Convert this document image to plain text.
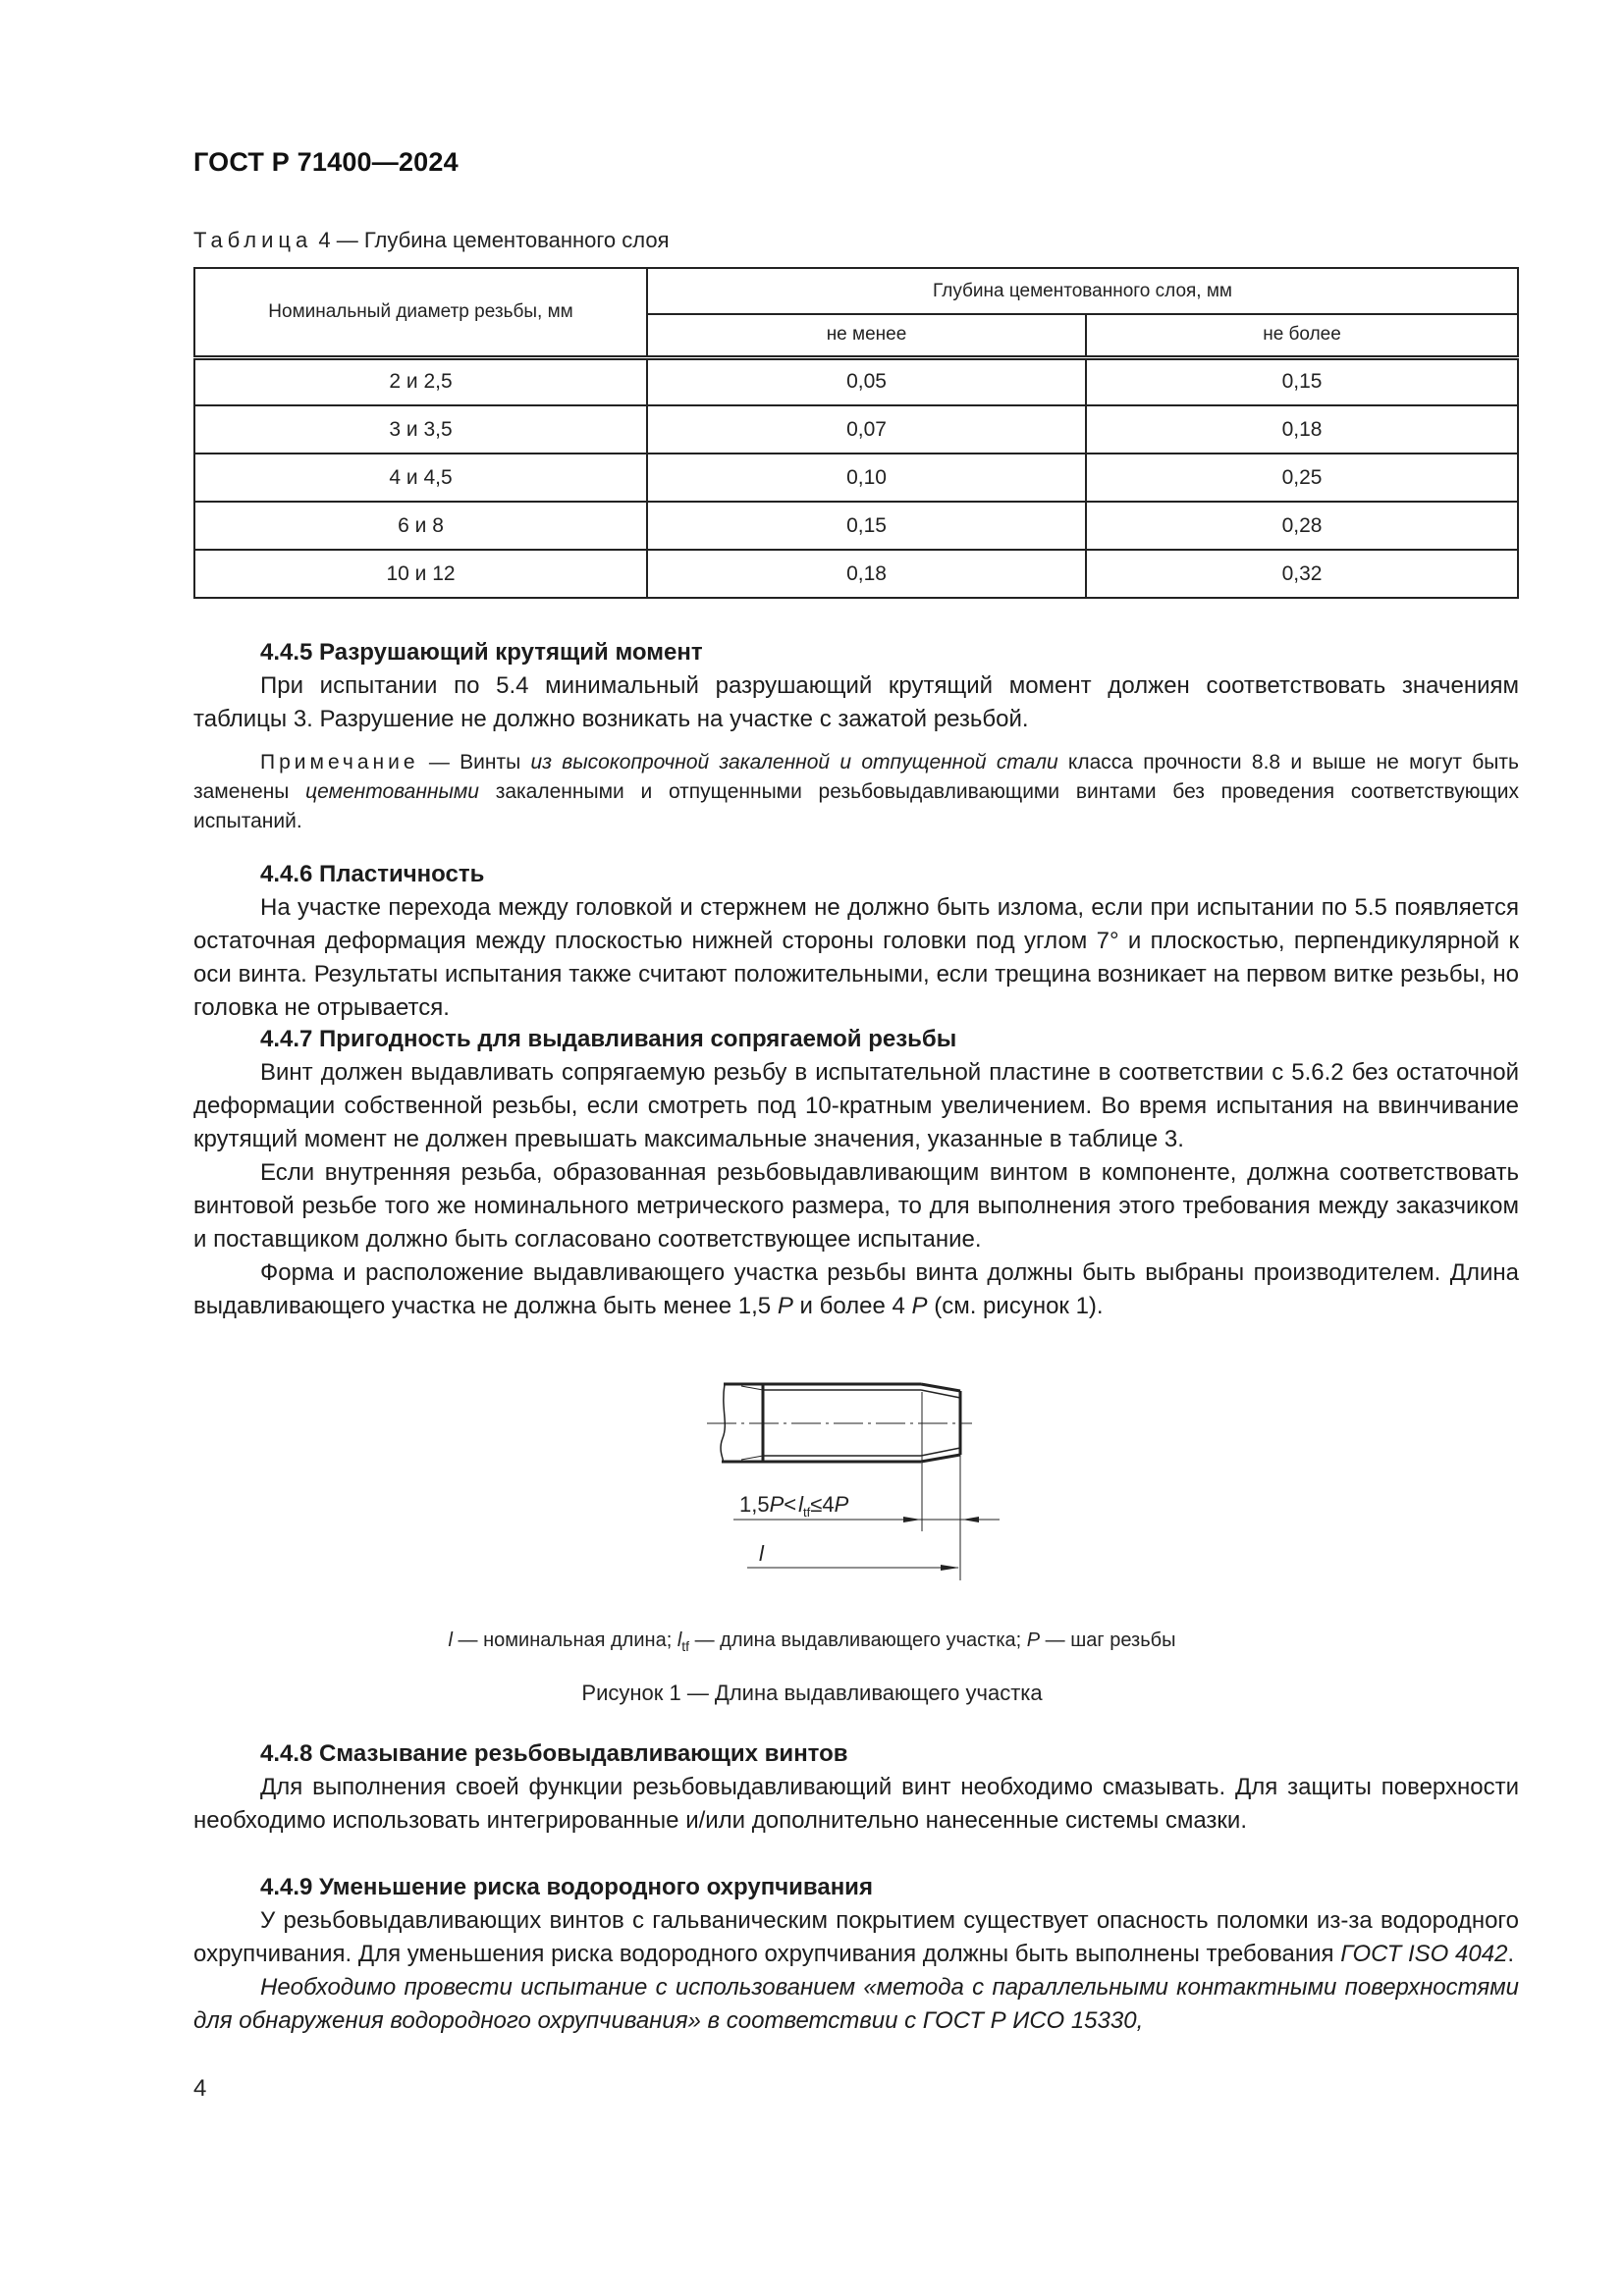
ГОСТ Р 71400—2024
Таблица 4 — Глубина цементованного слоя
Номинальный диаметр резьбы, мм	Глубина цементованного слоя, мм	
	не менее	не более
2 и 2,5	0,05	0,15
3 и 3,5	0,07	0,18
4 и 4,5	0,10	0,25
6 и 8	0,15	0,28
10 и 12	0,18	0,32

4.4.5 Разрушающий крутящий момент

При испытании по 5.4 минимальный разрушающий крутящий момент должен соответствовать значениям таблицы 3. Разрушение не должно возникать на участке с зажатой резьбой.

Примечание — Винты из высокопрочной закаленной и отпущенной стали класса прочности 8.8 и выше не могут быть заменены цементованными закаленными и отпущенными резьбовыдавливающими винтами без проведения соответствующих испытаний.

4.4.6 Пластичность

На участке перехода между головкой и стержнем не должно быть излома, если при испытании по 5.5 появляется остаточная деформация между плоскостью нижней стороны головки под углом 7° и плоскостью, перпендикулярной к оси винта. Результаты испытания также считают положительными, если трещина возникает на первом витке резьбы, но головка не отрывается.

4.4.7 Пригодность для выдавливания сопрягаемой резьбы

Винт должен выдавливать сопрягаемую резьбу в испытательной пластине в соответствии с 5.6.2 без остаточной деформации собственной резьбы, если смотреть под 10-кратным увеличением. Во время испытания на ввинчивание крутящий момент не должен превышать максимальные значения, указанные в таблице 3.

Если внутренняя резьба, образованная резьбовыдавливающим винтом в компоненте, должна соответствовать винтовой резьбе того же номинального метрического размера, то для выполнения этого требования между заказчиком и поставщиком должно быть согласовано соответствующее испытание.

Форма и расположение выдавливающего участка резьбы винта должны быть выбраны производителем. Длина выдавливающего участка не должна быть менее 1,5 P и более 4 P (см. рисунок 1).

$1,5P<l_{tf}\le 4P$
l
l — номинальная длина; $l_{tf}$ — длина выдавливающего участка; P — шаг резьбы
Рисунок 1 — Длина выдавливающего участка

4.4.8 Смазывание резьбовыдавливающих винтов

Для выполнения своей функции резьбовыдавливающий винт необходимо смазывать. Для защиты поверхности необходимо использовать интегрированные и/или дополнительно нанесенные системы смазки.

4.4.9 Уменьшение риска водородного охрупчивания

У резьбовыдавливающих винтов с гальваническим покрытием существует опасность поломки из-за водородного охрупчивания. Для уменьшения риска водородного охрупчивания должны быть выполнены требования ГОСТ ISO 4042.

Необходимо провести испытание с использованием «метода с параллельными контактными поверхностями для обнаружения водородного охрупчивания» в соответствии с ГОСТ Р ИСО 15330,

4
